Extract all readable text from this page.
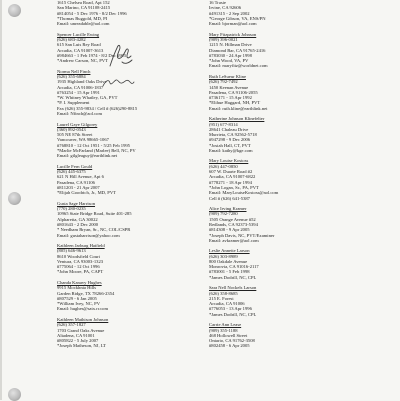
1615 Chelsea Road, Apt 152
San Marino, CA 91108-2415
#814054 - 5 Dec 1976 - 8/2 Dec 1996
*Thomas Buggold, MD, PI
Email: unreadable@aol.com
Spencer Lucille Ewing
(626) 683-4282
615 San Luis Rey Road
Arcadia, CA 91007-3613
#984663 - 1 Feb 1974 - 8/2 Dec 1995
*Andrew Carson, NC, PVT
Norma Nell Finch
(626) 355-6884
1935 Highland Oaks Drive
Arcadia, CA 91006-1837
#763254 - 15 Apr 1991
*W. Whitney Whatley, GA, PVT
*P. I. Supplement
Fax (626) 355-9834 / Cell # (626)290-8815
Email: Nfinch@aol.com
Laurel Gaye Gilgorey
(360) 892-0543
505 NE 87th Street
Vancouver, WA 98665-1067
#768810 - 12 Oct 1951 - 5/25 Feb 1995
*Marlie McFarland (Marlee) Bell, NC, PV
Email: gilgleaguy@earthlink.net
Lucille Fern Gould
(626) 445-6375
621 N Hill Avenue, Apt 6
Pasadena, CA 91106
#811203 - 21 Apr 2007
*Elijah Goodrich, Jr., MD, PVT
Gusta Sage Harrison
(770) 280-0235
10965 State Bridge Road, Suite 401-285
Alpharetta, GA 30022
#801643 - 2 Dec 2000
* Needham Bryan, Sr., NC, COL/CSPR
Email: gustaharrison@yahoo.com
Kathleen Jarburg Hatfield
(805) 646-9613
8610 Woodsfield Court
Ventura, CA 93003-1323
#775064 - 12 Oct 1996
*John Moore, PA, CAPT
Chanda Kanavy Hughes
9915 Mockhnia Hills
Garden Ridge, TX 78266-2354
#807529 - 6 Jan 2005
*William Ivey, NC, PV
Email: hughes@satx.rr.com
Kathleen Mathison Johnson
(626) 357-1827
1703 Grand Oaks Avenue
Altadena, CA 91001
#805822 - 5 July 2007
*Joseph Matheson, NJ, LT
16 Trasie
Irvine, CA 92606
#491315 - 2 Sep 2002
*George Gibson, VA, ENS/PN
Email: bjorman@aol.com
Mary Fitzpatrick Johnson
(909) 396-0021
1215 N. Hillman Drive
Diamond Bar, CA 91765-2416
#783030 - 24 Apr 1998
*John Wood, VA, PV
Email: maryfitz@worldnet.com
Ruth LeSueur Kline
(626) 792-7492
1450 Keenan Avenue
Pasadena, CA 91106-2055
#736171 - 15 Apr 1992
*Elihue Haggard, NH, PVT
Email: ruth.kline@earthlink.net
Katherine Johnson Klinefelter
(951) 677-8314
28641 Chaleau Drive
Murrieta, CA 92562-5718
#947298 - 9 Dec 2006
*Josiah Hall, CT, PVT
Email: kathy@kge.com
Mary Louise Kostoss
(626) 447-0850
607 W. Duarte Road #2
Arcadia, CA 91007-6822
#778271 - 18 Apr 1994
*John Logan, Sr., PA, PVT
Email: MaryLouiseKostoss@aol.com
Cell # (626) 641-5387
Alice Irving Kramer
(909) 792-7280
1505 Orange Avenue #52
Redlands, CA 92373-5394
#814308 - 9 Apr 2005
*Joseph Davis, NC, PVT/Examiner
Email: avkramer@aol.com
Leslie Annette Larson
(626) 303-8989
800 Oakdale Avenue
Monrovia, CA 91016-2117
#783001 - 5 Feb 1998
*James Dodrill, NC, CPL
Sara Nell Nockels Larson
(626) 358-8685
215 E. Forest
Arcadia, CA 91006
#776053 - 13 Apr 1996
*James Dodrill, NC, CPL
Carrie Ann Lease
(909) 355-1188
468 Hollowell Street
Ontario, CA 91762-3508
#802458 - 6 Apr 2005
